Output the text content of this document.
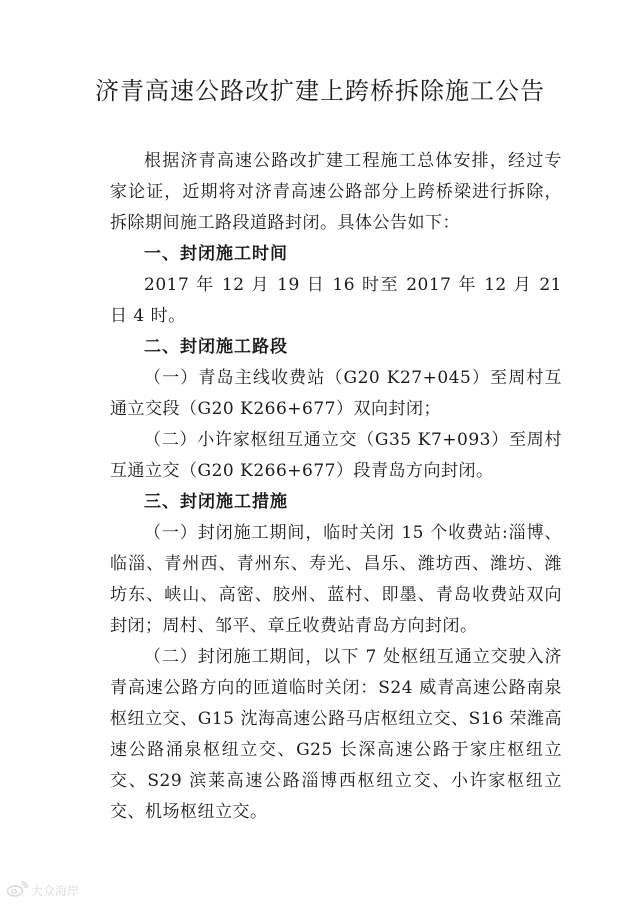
济青高速公路改扩建上跨桥拆除施工公告

根据济青高速公路改扩建工程施工总体安排，经过专家论证，近期将对济青高速公路部分上跨桥梁进行拆除，拆除期间施工路段道路封闭。具体公告如下：

一、封闭施工时间

2017 年 12 月 19 日 16 时至 2017 年 12 月 21 日 4 时。

二、封闭施工路段

（一）青岛主线收费站（G20 K27+045）至周村互通立交段（G20 K266+677）双向封闭；

（二）小许家枢纽互通立交（G35 K7+093）至周村互通立交（G20 K266+677）段青岛方向封闭。

三、封闭施工措施

（一）封闭施工期间，临时关闭 15 个收费站:淄博、临淄、青州西、青州东、寿光、昌乐、潍坊西、潍坊、潍坊东、峡山、高密、胶州、蓝村、即墨、青岛收费站双向封闭；周村、邹平、章丘收费站青岛方向封闭。

（二）封闭施工期间，以下 7 处枢纽互通立交驶入济青高速公路方向的匝道临时关闭：S24 威青高速公路南泉枢纽立交、G15 沈海高速公路马店枢纽立交、S16 荣潍高速公路涌泉枢纽立交、G25 长深高速公路于家庄枢纽立交、S29 滨莱高速公路淄博西枢纽立交、小许家枢纽立交、机场枢纽立交。

大众海岸
